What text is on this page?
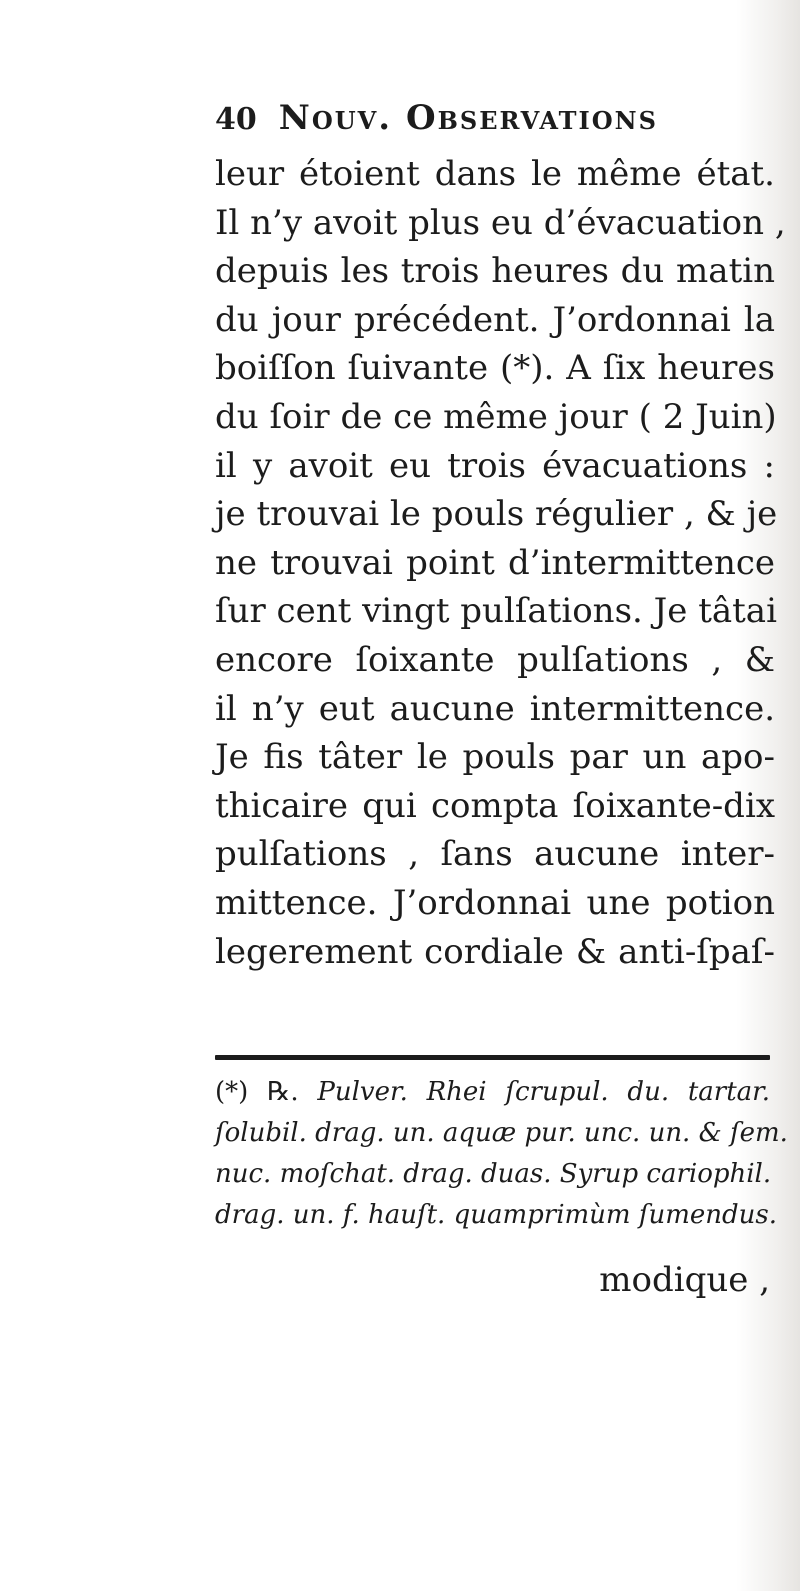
40 Nouv. Observations
leur étoient dans le même état.
Il n’y avoit plus eu d’évacuation ,
depuis les trois heures du matin
du jour précédent. J’ordonnai la
boiſſon ſuivante (*). A ſix heures
du ſoir de ce même jour ( 2 Juin)
il y avoit eu trois évacuations :
je trouvai le pouls régulier , & je
ne trouvai point d’intermittence
ſur cent vingt pulſations. Je tâtai
encore ſoixante pulſations , &
il n’y eut aucune intermittence.
Je fis tâter le pouls par un apo-
thicaire qui compta ſoixante-dix
pulſations , ſans aucune inter-
mittence. J’ordonnai une potion
legerement cordiale & anti-ſpaſ-
(*) ℞. Pulver. Rhei ſcrupul. du. tartar.
ſolubil. drag. un. aquæ pur. unc. un. & ſem.
nuc. moſchat. drag. duas. Syrup cariophil.
drag. un. f. hauſt. quamprimùm ſumendus.
modique ,
